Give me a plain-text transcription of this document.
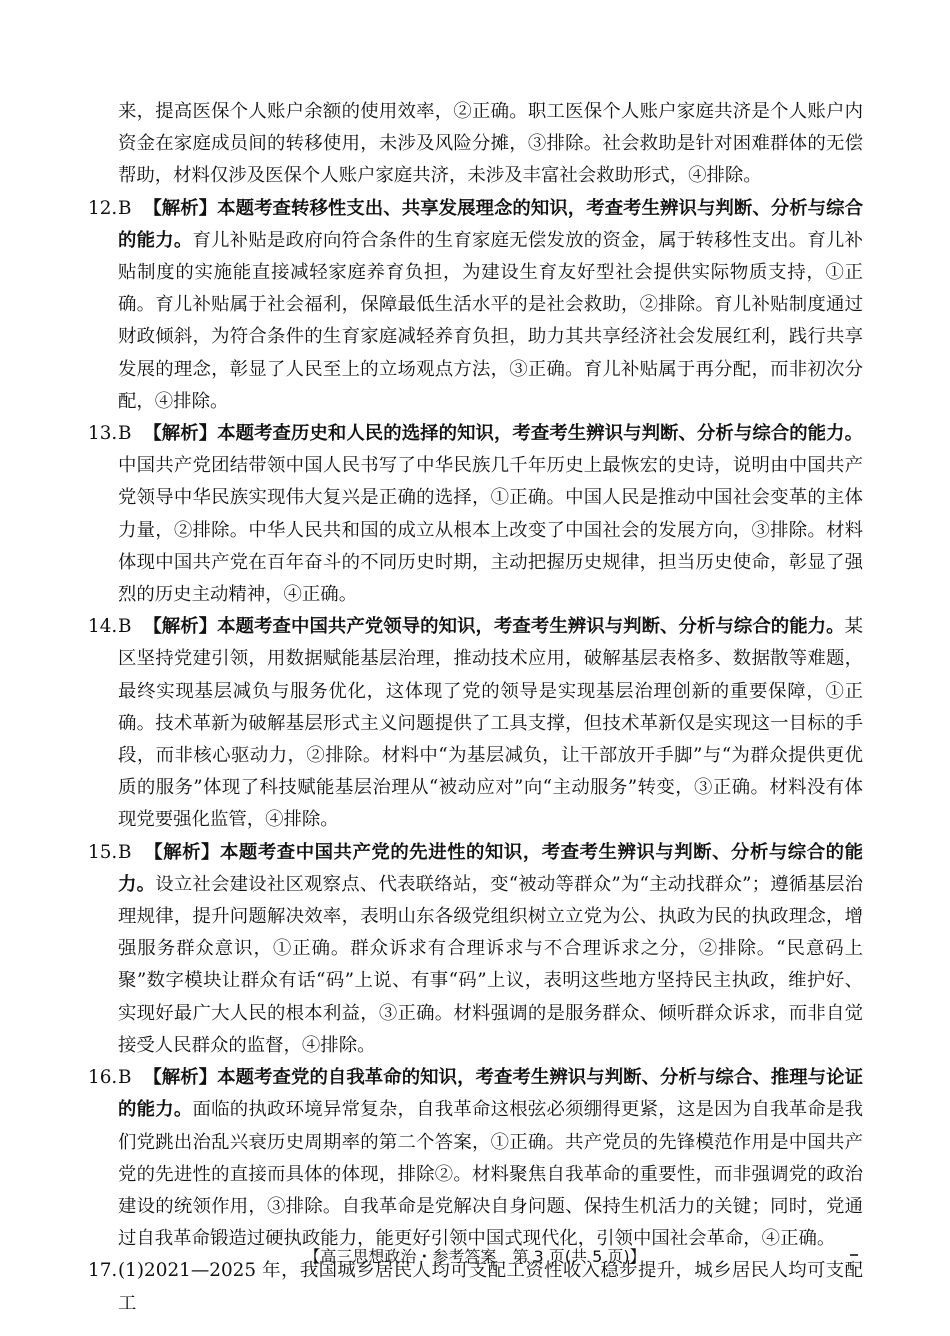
来，提高医保个人账户余额的使用效率，②正确。职工医保个人账户家庭共济是个人账户内资金在家庭成员间的转移使用，未涉及风险分摊，③排除。社会救助是针对困难群体的无偿帮助，材料仅涉及医保个人账户家庭共济，未涉及丰富社会救助形式，④排除。

12. B 【解析】本题考查转移性支出、共享发展理念的知识，考查考生辨识与判断、分析与综合的能力。育儿补贴是政府向符合条件的生育家庭无偿发放的资金，属于转移性支出。育儿补贴制度的实施能直接减轻家庭养育负担，为建设生育友好型社会提供实际物质支持，①正确。育儿补贴属于社会福利，保障最低生活水平的是社会救助，②排除。育儿补贴制度通过财政倾斜，为符合条件的生育家庭减轻养育负担，助力其共享经济社会发展红利，践行共享发展的理念，彰显了人民至上的立场观点方法，③正确。育儿补贴属于再分配，而非初次分配，④排除。

13. B 【解析】本题考查历史和人民的选择的知识，考查考生辨识与判断、分析与综合的能力。中国共产党团结带领中国人民书写了中华民族几千年历史上最恢宏的史诗，说明由中国共产党领导中华民族实现伟大复兴是正确的选择，①正确。中国人民是推动中国社会变革的主体力量，②排除。中华人民共和国的成立从根本上改变了中国社会的发展方向，③排除。材料体现中国共产党在百年奋斗的不同历史时期，主动把握历史规律，担当历史使命，彰显了强烈的历史主动精神，④正确。

14. B 【解析】本题考查中国共产党领导的知识，考查考生辨识与判断、分析与综合的能力。某区坚持党建引领，用数据赋能基层治理，推动技术应用，破解基层表格多、数据散等难题，最终实现基层减负与服务优化，这体现了党的领导是实现基层治理创新的重要保障，①正确。技术革新为破解基层形式主义问题提供了工具支撑，但技术革新仅是实现这一目标的手段，而非核心驱动力，②排除。材料中“为基层减负，让干部放开手脚”与“为群众提供更优质的服务”体现了科技赋能基层治理从“被动应对”向“主动服务”转变，③正确。材料没有体现党要强化监管，④排除。

15. B 【解析】本题考查中国共产党的先进性的知识，考查考生辨识与判断、分析与综合的能力。设立社会建设社区观察点、代表联络站，变“被动等群众”为“主动找群众”；遵循基层治理规律，提升问题解决效率，表明山东各级党组织树立立党为公、执政为民的执政理念，增强服务群众意识，①正确。群众诉求有合理诉求与不合理诉求之分，②排除。“民意码上聚”数字模块让群众有话“码”上说、有事“码”上议，表明这些地方坚持民主执政，维护好、实现好最广大人民的根本利益，③正确。材料强调的是服务群众、倾听群众诉求，而非自觉接受人民群众的监督，④排除。

16. B 【解析】本题考查党的自我革命的知识，考查考生辨识与判断、分析与综合、推理与论证的能力。面临的执政环境异常复杂，自我革命这根弦必须绷得更紧，这是因为自我革命是我们党跳出治乱兴衰历史周期率的第二个答案，①正确。共产党员的先锋模范作用是中国共产党的先进性的直接而具体的体现，排除②。材料聚焦自我革命的重要性，而非强调党的政治建设的统领作用，③排除。自我革命是党解决自身问题、保持生机活力的关键；同时，党通过自我革命锻造过硬执政能力，能更好引领中国式现代化，引领中国社会革命，④正确。

17. (1)2021—2025 年，我国城乡居民人均可支配工资性收入稳步提升，城乡居民人均可支配工

【高三思想政治・参考答案　第 3 页(共 5 页)】
